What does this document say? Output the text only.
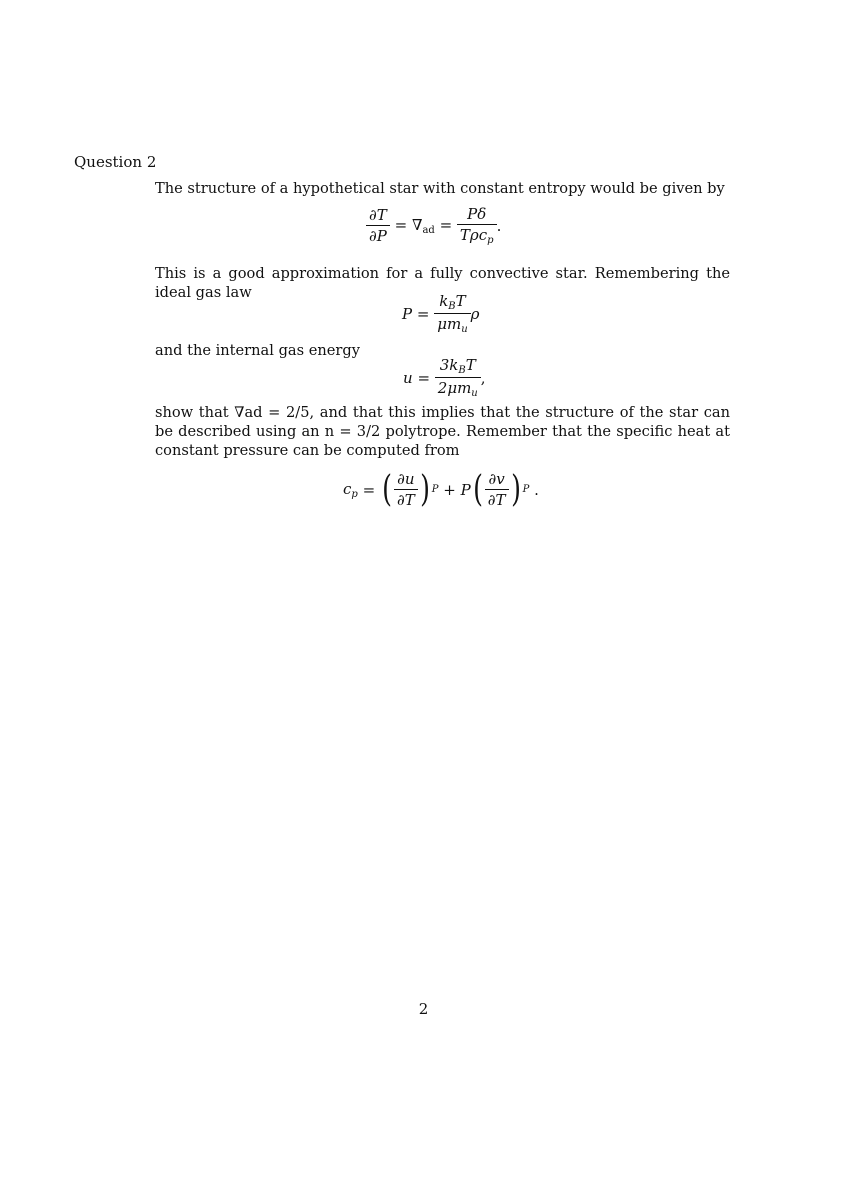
Question 2
The structure of a hypothetical star with constant entropy would be given by
$\frac{\partial T}{\partial P} = \nabla_{ad}$ =
Pδ
Tρc$_p$
.
This is a good approximation for a fully convective star. Remembering the ideal gas law
P =
$k_BT$
$\mu m_u$
ρ
and the internal gas energy
u =
$3k_BT$
$2\mu m_u$
,
show that ∇ad = 2/5, and that this implies that the structure of the star can be described using an n = 3/2 polytrope. Remember that the specific heat at constant pressure can be computed from
$c_p$ = ( ∂u
∂T ) P + P ( ∂v
∂T ) P .
2
